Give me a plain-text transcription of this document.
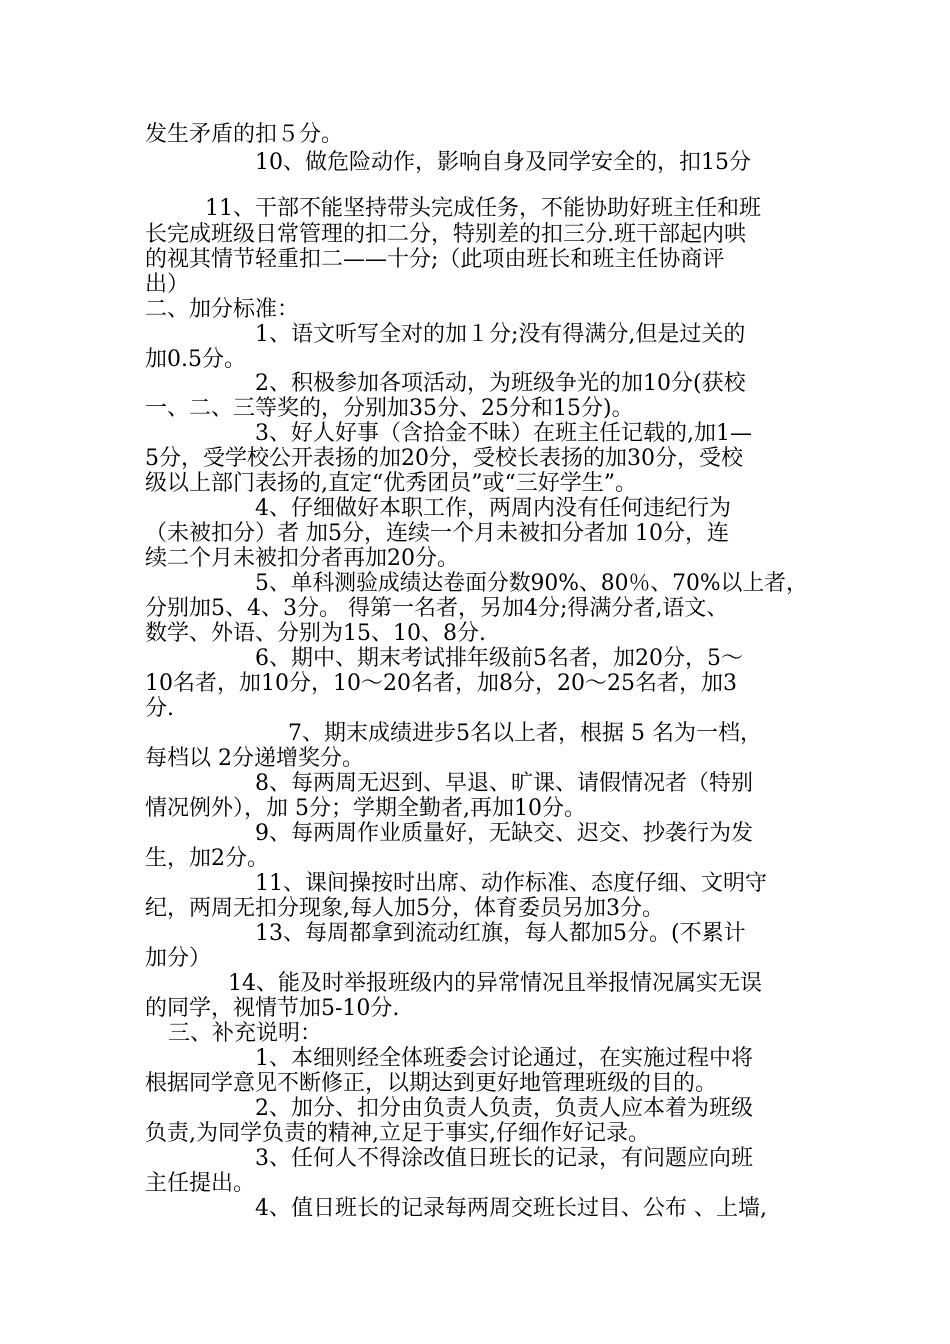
发生矛盾的扣５分。
10、做危险动作，影响自身及同学安全的，扣15分
11、干部不能坚持带头完成任务，不能协助好班主任和班
长完成班级日常管理的扣二分，特别差的扣三分.班干部起内哄
的视其情节轻重扣二——十分;（此项由班长和班主任协商评
出）
二、加分标准：
1、语文听写全对的加１分;没有得满分,但是过关的
加0.5分。
2、积极参加各项活动，为班级争光的加10分(获校
一、二、三等奖的，分别加35分、25分和15分)。
3、好人好事（含拾金不昧）在班主任记载的,加1—
5分，受学校公开表扬的加20分，受校长表扬的加30分，受校
级以上部门表扬的,直定“优秀团员”或“三好学生”。
4、仔细做好本职工作，两周内没有任何违纪行为
（未被扣分）者 加5分，连续一个月未被扣分者加 10分，连
续二个月未被扣分者再加20分。
5、单科测验成绩达卷面分数90%、80％、70%以上者，
分别加5、4、3分。 得第一名者，另加4分;得满分者,语文、
数学、外语、分别为15、10、8分.
6、期中、期末考试排年级前5名者，加20分，5～
10名者，加10分，10～20名者，加8分，20～25名者，加3
分.
7、期末成绩进步5名以上者，根据 5 名为一档，
每档以 2分递增奖分。
8、每两周无迟到、早退、旷课、请假情况者（特别
情况例外），加 5分；学期全勤者,再加10分。
9、每两周作业质量好，无缺交、迟交、抄袭行为发
生，加2分。
11、课间操按时出席、动作标准、态度仔细、文明守
纪，两周无扣分现象,每人加5分，体育委员另加3分。
13、每周都拿到流动红旗，每人都加5分。(不累计
加分）
14、能及时举报班级内的异常情况且举报情况属实无误
的同学，视情节加5-10分.
三、补充说明：
1、本细则经全体班委会讨论通过，在实施过程中将
根据同学意见不断修正，以期达到更好地管理班级的目的。
2、加分、扣分由负责人负责，负责人应本着为班级
负责,为同学负责的精神,立足于事实,仔细作好记录。
3、任何人不得涂改值日班长的记录，有问题应向班
主任提出。
4、值日班长的记录每两周交班长过目、公布 、上墙,
